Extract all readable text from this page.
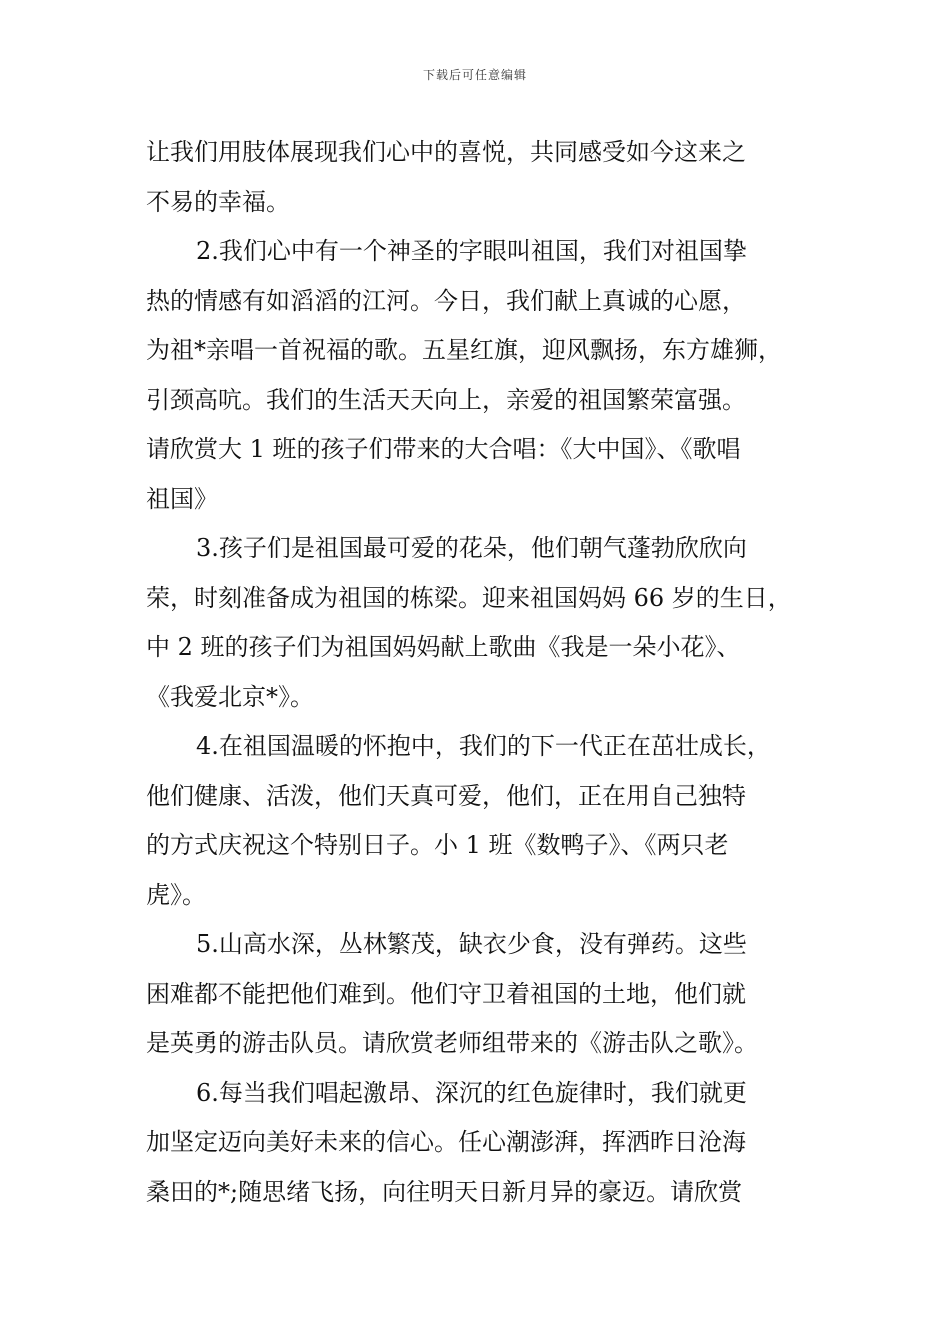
下载后可任意编辑
让我们用肢体展现我们心中的喜悦，共同感受如今这来之
不易的幸福。
2.我们心中有一个神圣的字眼叫祖国，我们对祖国挚
热的情感有如滔滔的江河。今日，我们献上真诚的心愿，
为祖*亲唱一首祝福的歌。五星红旗，迎风飘扬，东方雄狮，
引颈高吭。我们的生活天天向上，亲爱的祖国繁荣富强。
请欣赏大 1 班的孩子们带来的大合唱：《大中国》、《歌唱
祖国》
3.孩子们是祖国最可爱的花朵，他们朝气蓬勃欣欣向
荣，时刻准备成为祖国的栋梁。迎来祖国妈妈 66 岁的生日，
中 2 班的孩子们为祖国妈妈献上歌曲《我是一朵小花》、
《我爱北京*》。
4.在祖国温暖的怀抱中，我们的下一代正在茁壮成长，
他们健康、活泼，他们天真可爱，他们，正在用自己独特
的方式庆祝这个特别日子。小 1 班《数鸭子》、《两只老
虎》。
5.山高水深，丛林繁茂，缺衣少食，没有弹药。这些
困难都不能把他们难到。他们守卫着祖国的土地，他们就
是英勇的游击队员。请欣赏老师组带来的《游击队之歌》。
6.每当我们唱起激昂、深沉的红色旋律时，我们就更
加坚定迈向美好未来的信心。任心潮澎湃，挥洒昨日沧海
桑田的*;随思绪飞扬，向往明天日新月异的豪迈。请欣赏
